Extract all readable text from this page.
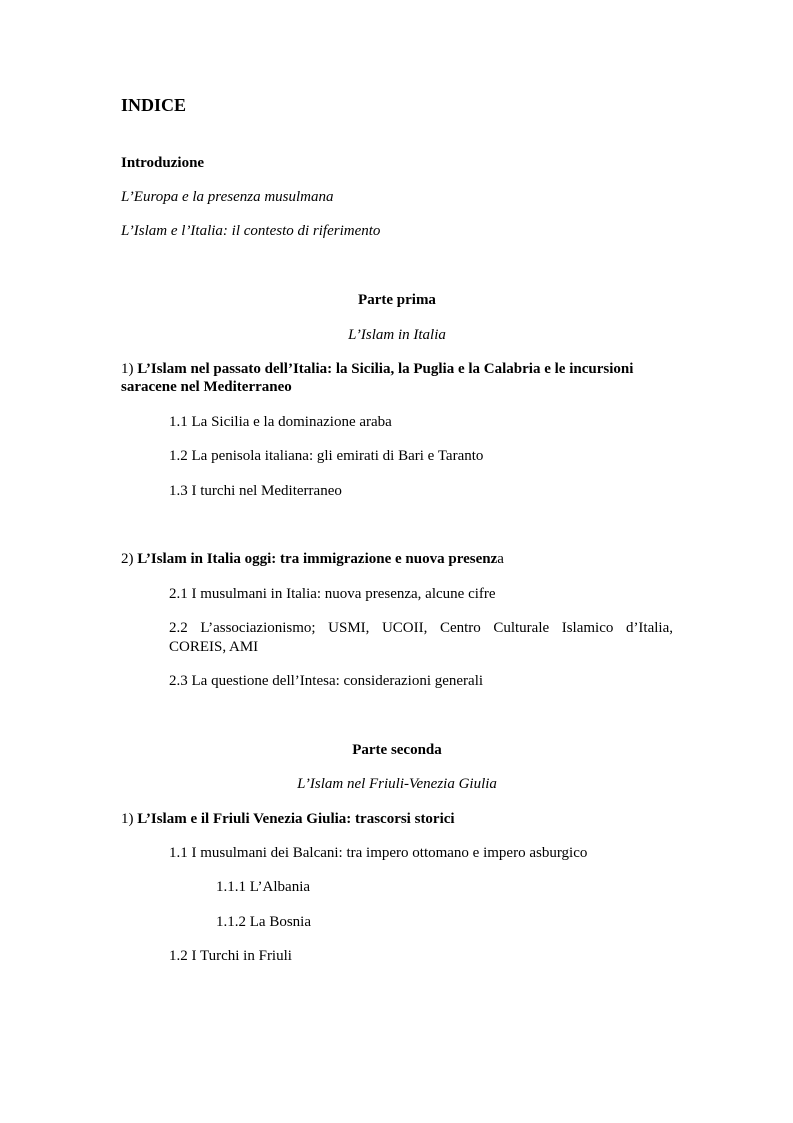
INDICE
Introduzione
L’Europa e la presenza musulmana
L’Islam e l’Italia: il contesto di riferimento
Parte prima
L’Islam in Italia
1) L’Islam nel passato dell’Italia: la Sicilia, la Puglia e la Calabria e le incursioni
saracene nel Mediterraneo
1.1 La Sicilia e la dominazione araba
1.2 La penisola italiana: gli emirati di Bari e Taranto
1.3 I turchi nel Mediterraneo
2) L’Islam in Italia oggi: tra immigrazione e nuova presenza
2.1 I musulmani in Italia: nuova presenza, alcune cifre
2.2 L’associazionismo; USMI, UCOII, Centro Culturale Islamico d’Italia,
COREIS, AMI
2.3 La questione dell’Intesa: considerazioni generali
Parte seconda
L’Islam nel Friuli-Venezia Giulia
1) L’Islam e il Friuli Venezia Giulia: trascorsi storici
1.1 I musulmani dei Balcani: tra impero ottomano e impero asburgico
1.1.1 L’Albania
1.1.2 La Bosnia
1.2 I Turchi in Friuli
